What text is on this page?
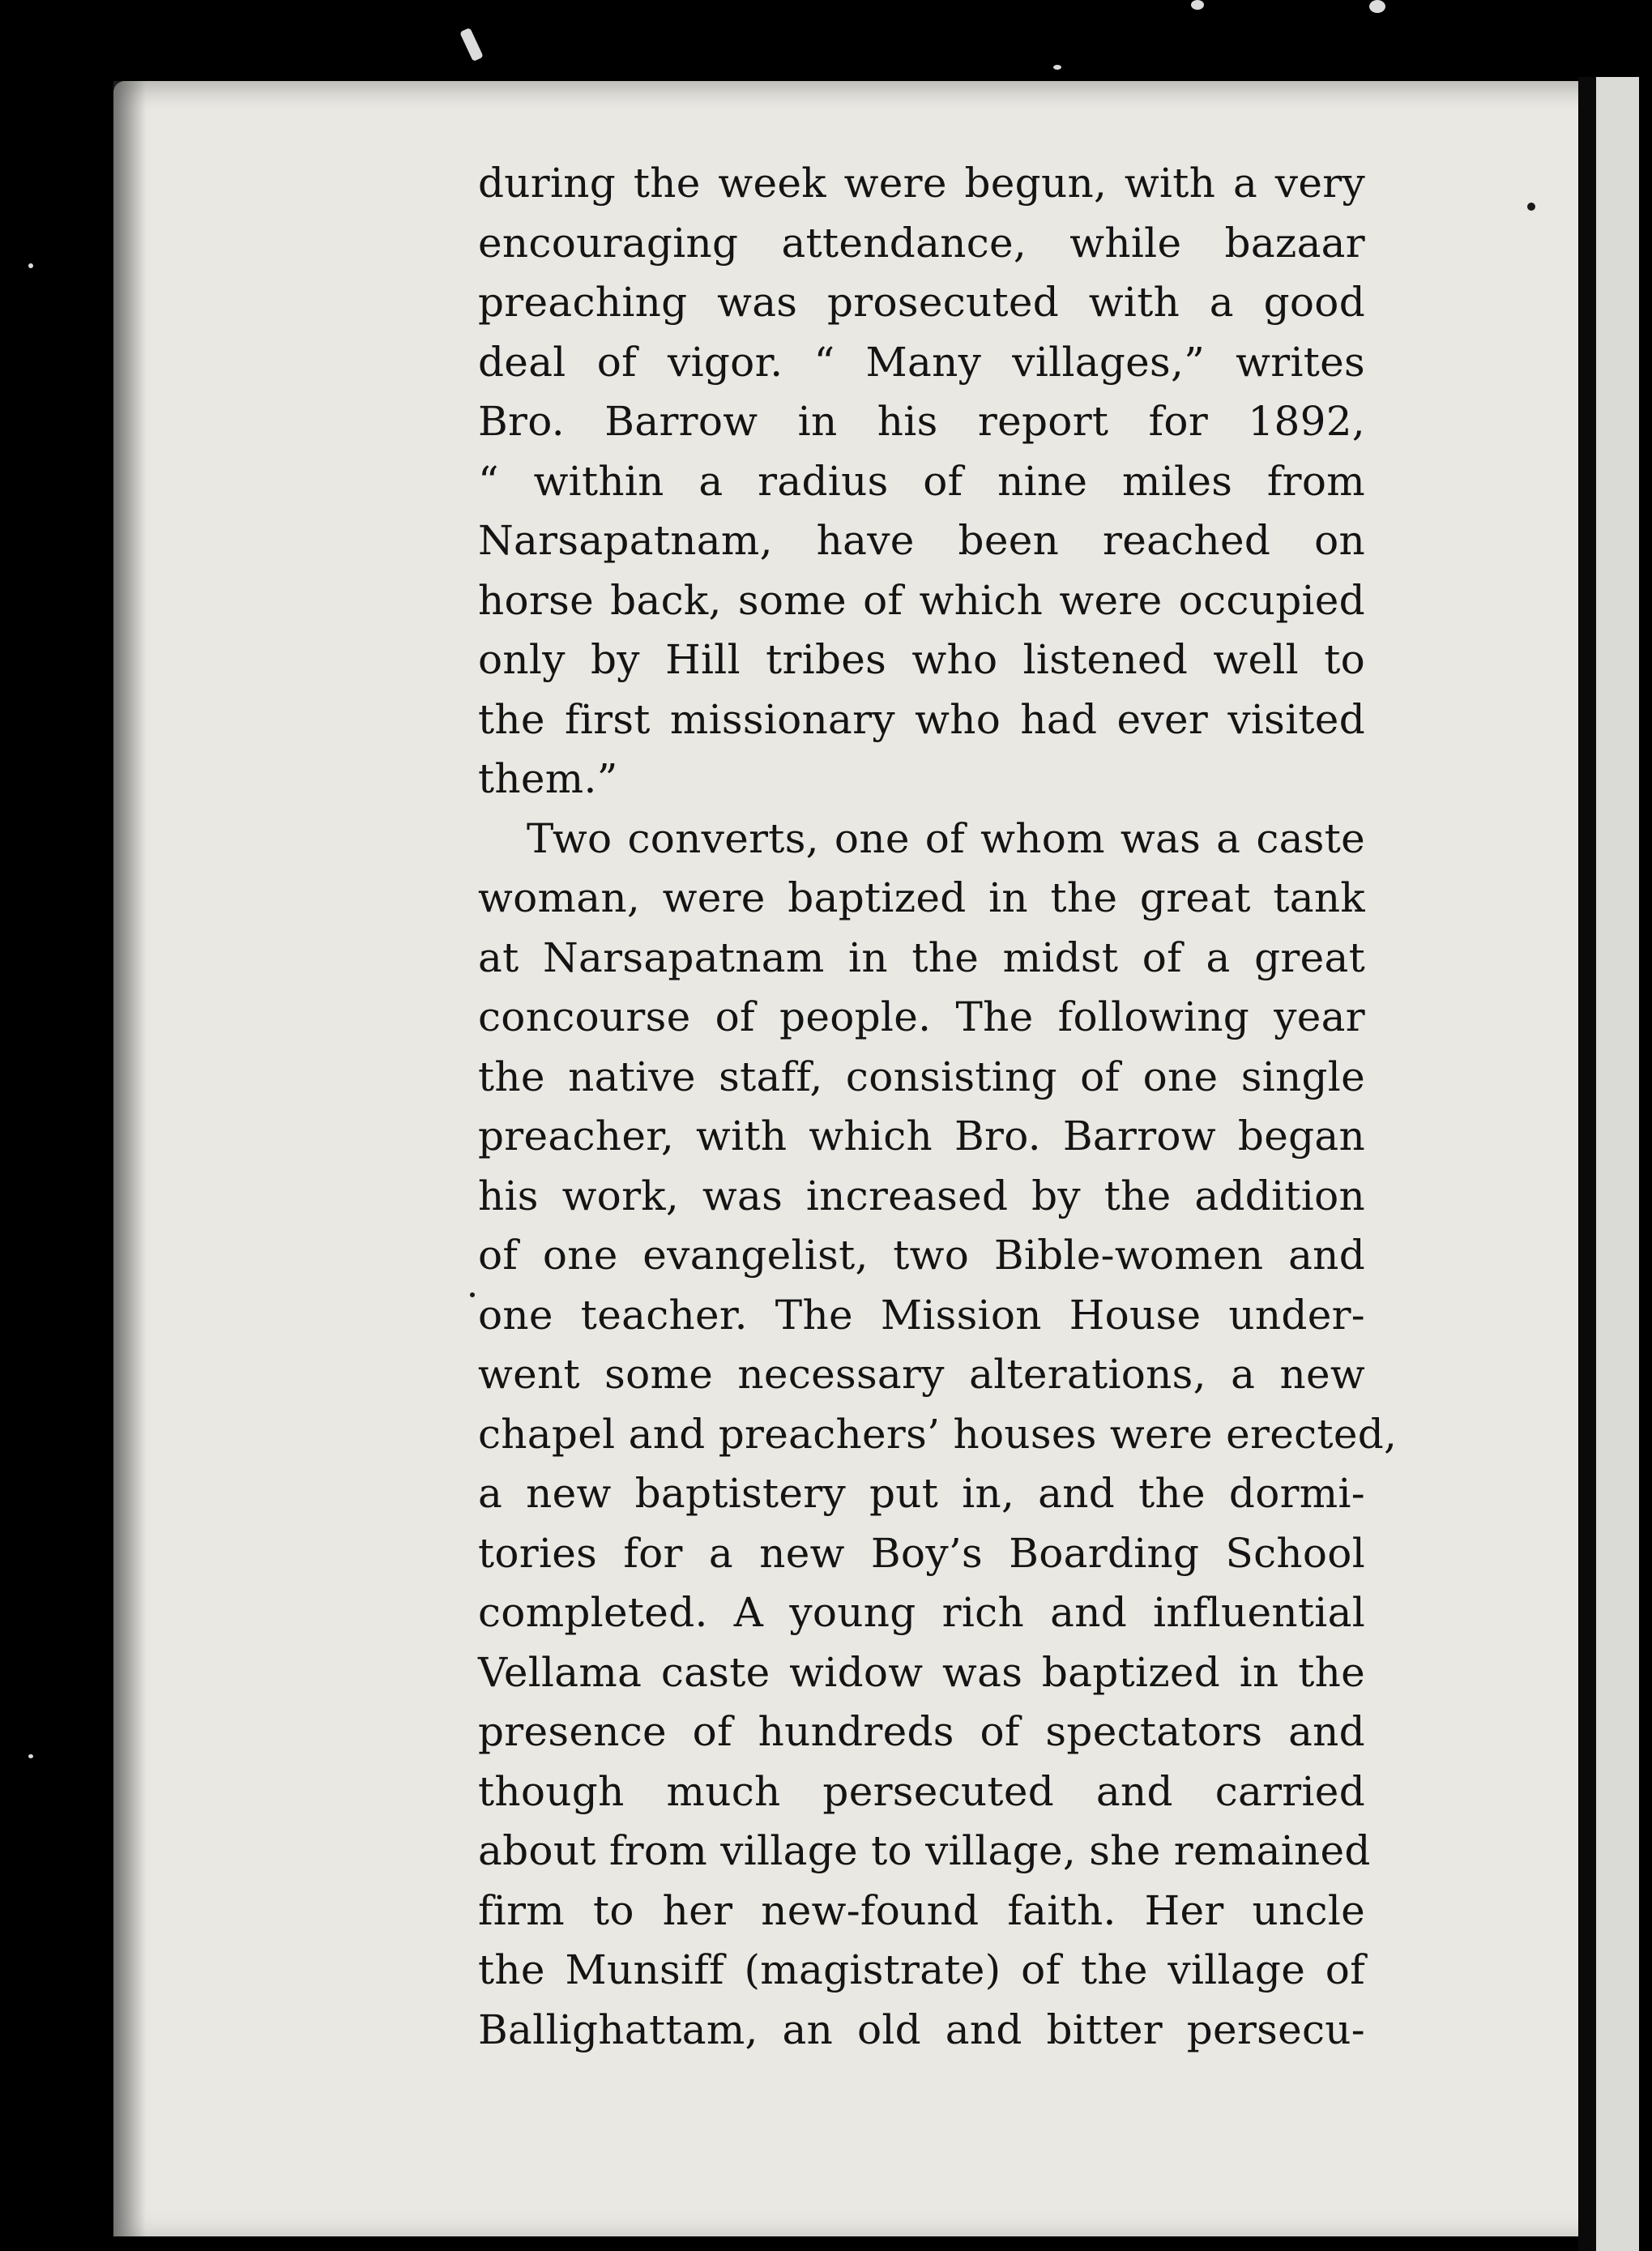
during the week were begun, with a very
encouraging attendance, while bazaar
preaching was prosecuted with a good
deal of vigor. “ Many villages,” writes
Bro. Barrow in his report for 1892,
“ within a radius of nine miles from
Narsapatnam, have been reached on
horse back, some of which were occupied
only by Hill tribes who listened well to
the first missionary who had ever visited
them.”
Two converts, one of whom was a caste
woman, were baptized in the great tank
at Narsapatnam in the midst of a great
concourse of people. The following year
the native staff, consisting of one single
preacher, with which Bro. Barrow began
his work, was increased by the addition
of one evangelist, two Bible-women and
one teacher. The Mission House under-
went some necessary alterations, a new
chapel and preachers’ houses were erected,
a new baptistery put in, and the dormi-
tories for a new Boy’s Boarding School
completed. A young rich and influential
Vellama caste widow was baptized in the
presence of hundreds of spectators and
though much persecuted and carried
about from village to village, she remained
firm to her new-found faith. Her uncle
the Munsiff (magistrate) of the village of
Ballighattam, an old and bitter persecu-
